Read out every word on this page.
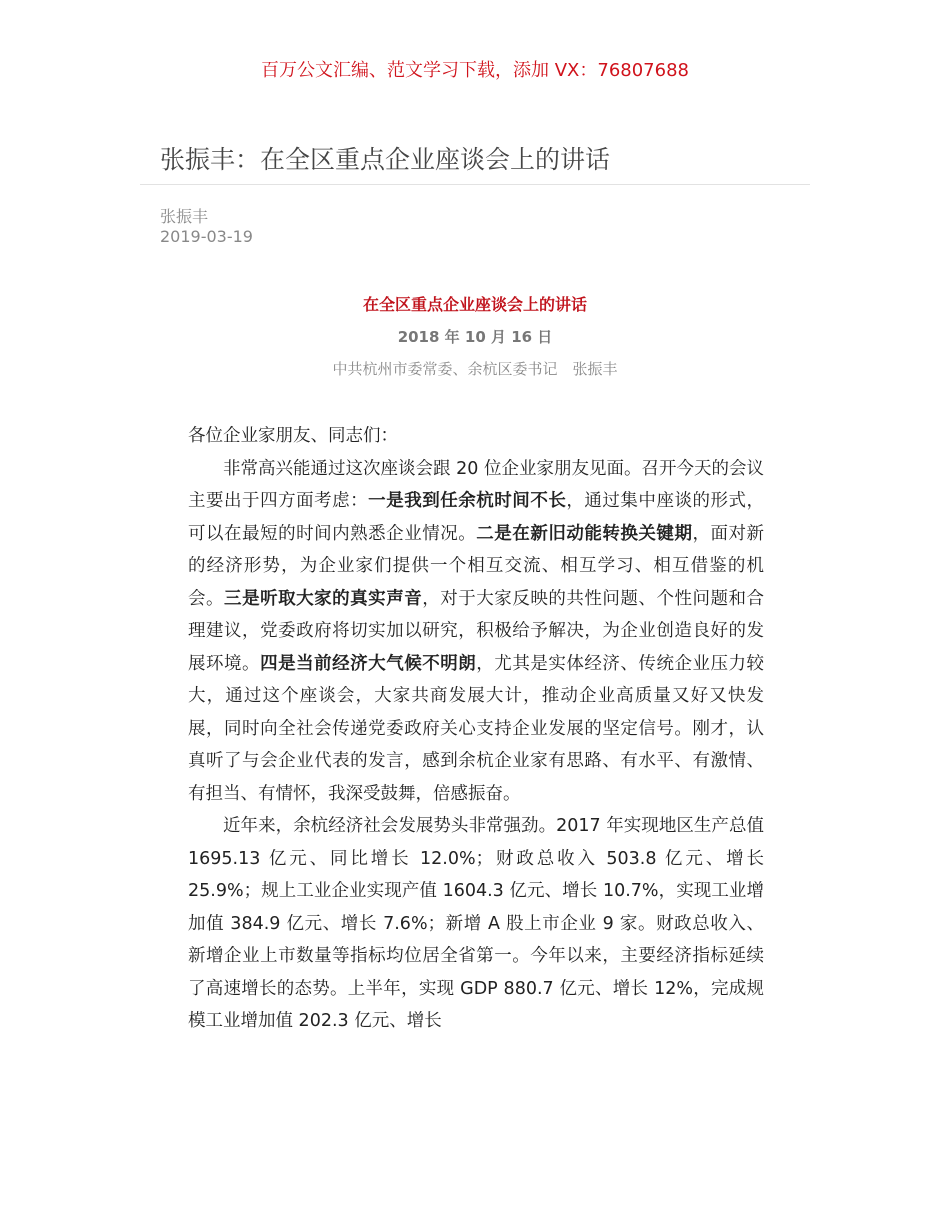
百万公文汇编、范文学习下载，添加 VX：76807688
张振丰：在全区重点企业座谈会上的讲话
张振丰
2019-03-19
在全区重点企业座谈会上的讲话
2018 年 10 月 16 日
中共杭州市委常委、余杭区委书记　张振丰

各位企业家朋友、同志们：

非常高兴能通过这次座谈会跟 20 位企业家朋友见面。召开今天的会议主要出于四方面考虑：一是我到任余杭时间不长，通过集中座谈的形式，可以在最短的时间内熟悉企业情况。二是在新旧动能转换关键期，面对新的经济形势，为企业家们提供一个相互交流、相互学习、相互借鉴的机会。三是听取大家的真实声音，对于大家反映的共性问题、个性问题和合理建议，党委政府将切实加以研究，积极给予解决，为企业创造良好的发展环境。四是当前经济大气候不明朗，尤其是实体经济、传统企业压力较大，通过这个座谈会，大家共商发展大计，推动企业高质量又好又快发展，同时向全社会传递党委政府关心支持企业发展的坚定信号。刚才，认真听了与会企业代表的发言，感到余杭企业家有思路、有水平、有激情、有担当、有情怀，我深受鼓舞，倍感振奋。

近年来，余杭经济社会发展势头非常强劲。2017 年实现地区生产总值 1695.13 亿元、同比增长 12.0%；财政总收入 503.8 亿元、增长 25.9%；规上工业企业实现产值 1604.3 亿元、增长 10.7%，实现工业增加值 384.9 亿元、增长 7.6%；新增 A 股上市企业 9 家。财政总收入、新增企业上市数量等指标均位居全省第一。今年以来，主要经济指标延续了高速增长的态势。上半年，实现 GDP 880.7 亿元、增长 12%，完成规模工业增加值 202.3 亿元、增长
